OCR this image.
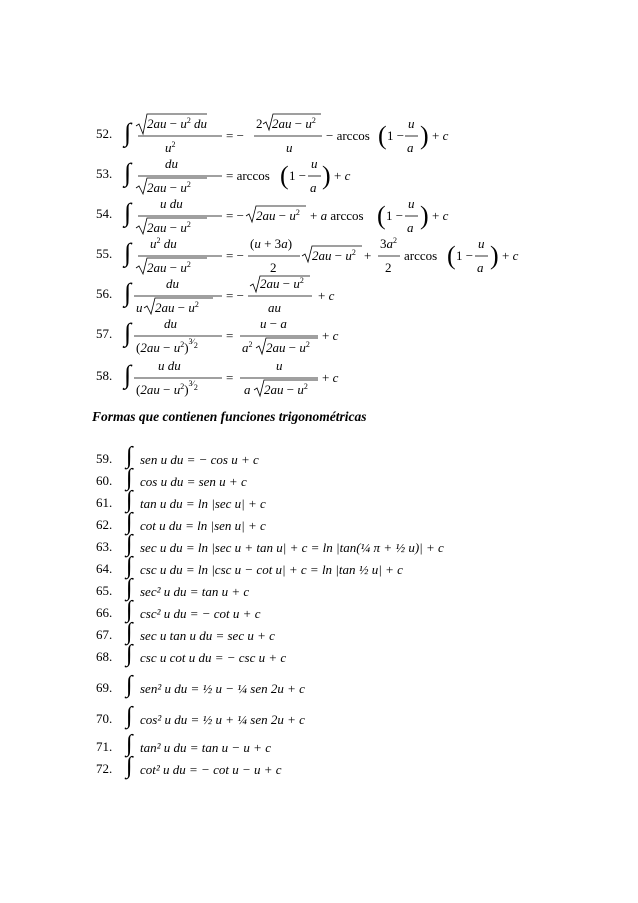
52. ∫ $2au - u^2$ du
$u^2$
= −
2 $2au - u^2$
u
− arccos ( 1 −
u
a ) + c
53. ∫	du
$2au - u^2$
= arccos ( 1 −
u
a ) + c
54. ∫ u du
$2au - u^2$
= − $2au - u^2 + a$ arccos ( 1 −
u
a ) + c
55. ∫ $u^2$ du
$2au - u^2$
= −
(u + 3a)
2
$2au - u^2$ +
$3a^2$
2
arccos ( 1 −
u
a ) + c
56. ∫	du
u $2au - u^2$
= −
$2au - u^2$
au
+ c
57. ∫	du
$(2au - u^2)^3⁄_2$
=
u − a
$a^2$ $2au - u^2$
+ c
58. ∫ u du
$(2au - u^2)^3⁄_2$
=
u
a $2au - u^2$
+ c
Formas que contienen funciones trigonométricas
59. ∫ sen u du = − cos u + c
60. ∫ cos u du = sen u + c
61. ∫ tan u du = ln |sec u| + c
62. ∫ cot u du = ln |sen u| + c
63. ∫ sec u du = ln |sec u + tan u| + c = ln |tan(¼ π + ½ u)| + c
64. ∫ csc u du = ln |csc u − cot u| + c = ln |tan ½ u| + c
65. ∫ sec² u du = tan u + c
66. ∫ csc² u du = − cot u + c
67. ∫ sec u tan u du = sec u + c
68. ∫ csc u cot u du = − csc u + c
69. ∫ sen² u du = ½ u − ¼ sen 2u + c
70. ∫ cos² u du = ½ u + ¼ sen 2u + c
71. ∫ tan² u du = tan u − u + c
72. ∫ cot² u du = − cot u − u + c
